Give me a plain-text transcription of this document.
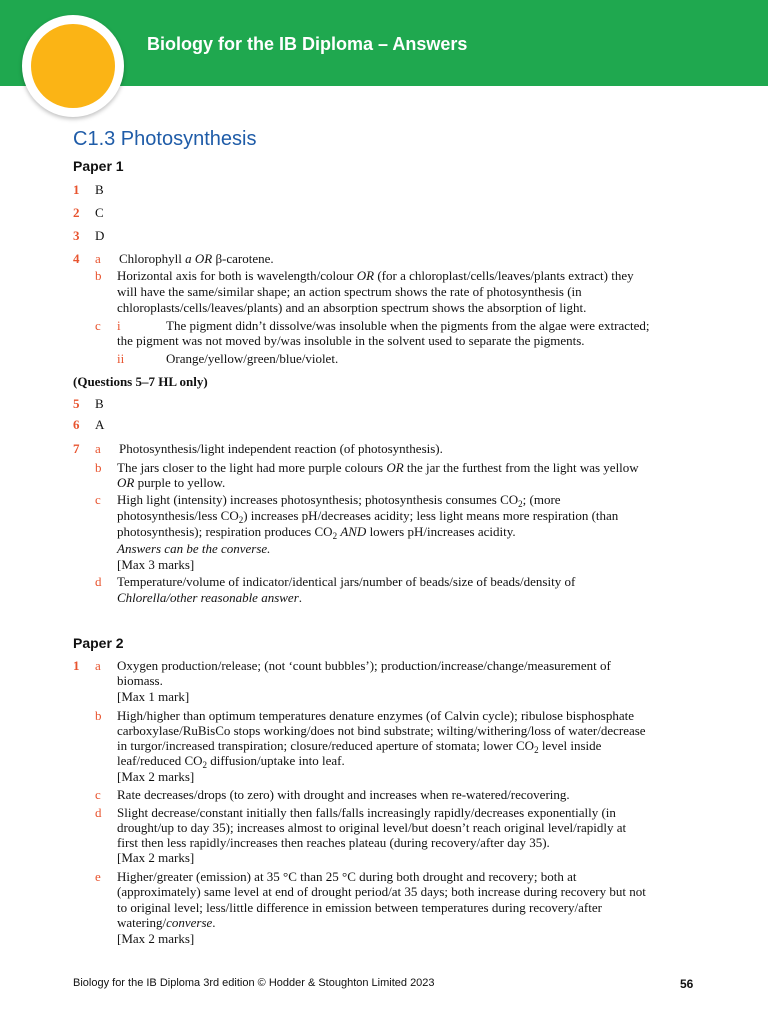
Biology for the IB Diploma – Answers
C1.3 Photosynthesis
Paper 1
1 B
2 C
3 D
4 a Chlorophyll a OR β-carotene.
b Horizontal axis for both is wavelength/colour OR (for a chloroplast/cells/leaves/plants extract) they
will have the same/similar shape; an action spectrum shows the rate of photosynthesis (in
chloroplasts/cells/leaves/plants) and an absorption spectrum shows the absorption of light.
c i	The pigment didn’t dissolve/was insoluble when the pigments from the algae were extracted;
the pigment was not moved by/was insoluble in the solvent used to separate the pigments.
ii	Orange/yellow/green/blue/violet.
(Questions 5–7 HL only)
5 B
6 A
7 a Photosynthesis/light independent reaction (of photosynthesis).
b The jars closer to the light had more purple colours OR the jar the furthest from the light was yellow
OR purple to yellow.
c High light (intensity) increases photosynthesis; photosynthesis consumes $CO_2$; (more
photosynthesis/less $CO_2$) increases pH/decreases acidity; less light means more respiration (than
photosynthesis); respiration produces $CO_2$ AND lowers pH/increases acidity.
Answers can be the converse.
[Max 3 marks]
d Temperature/volume of indicator/identical jars/number of beads/size of beads/density of
Chlorella/other reasonable answer.
Paper 2
1 a Oxygen production/release; (not ‘count bubbles’); production/increase/change/measurement of
biomass.
[Max 1 mark]
b High/higher than optimum temperatures denature enzymes (of Calvin cycle); ribulose bisphosphate
carboxylase/RuBisCo stops working/does not bind substrate; wilting/withering/loss of water/decrease
in turgor/increased transpiration; closure/reduced aperture of stomata; lower $CO_2$ level inside
leaf/reduced $CO_2$ diffusion/uptake into leaf.
[Max 2 marks]
c Rate decreases/drops (to zero) with drought and increases when re-watered/recovering.
d Slight decrease/constant initially then falls/falls increasingly rapidly/decreases exponentially (in
drought/up to day 35); increases almost to original level/but doesn’t reach original level/rapidly at
first then less rapidly/increases then reaches plateau (during recovery/after day 35).
[Max 2 marks]
e Higher/greater (emission) at 35 °C than 25 °C during both drought and recovery; both at
(approximately) same level at end of drought period/at 35 days; both increase during recovery but not
to original level; less/little difference in emission between temperatures during recovery/after
watering/converse.
[Max 2 marks]
Biology for the IB Diploma 3rd edition © Hodder & Stoughton Limited 2023	56
